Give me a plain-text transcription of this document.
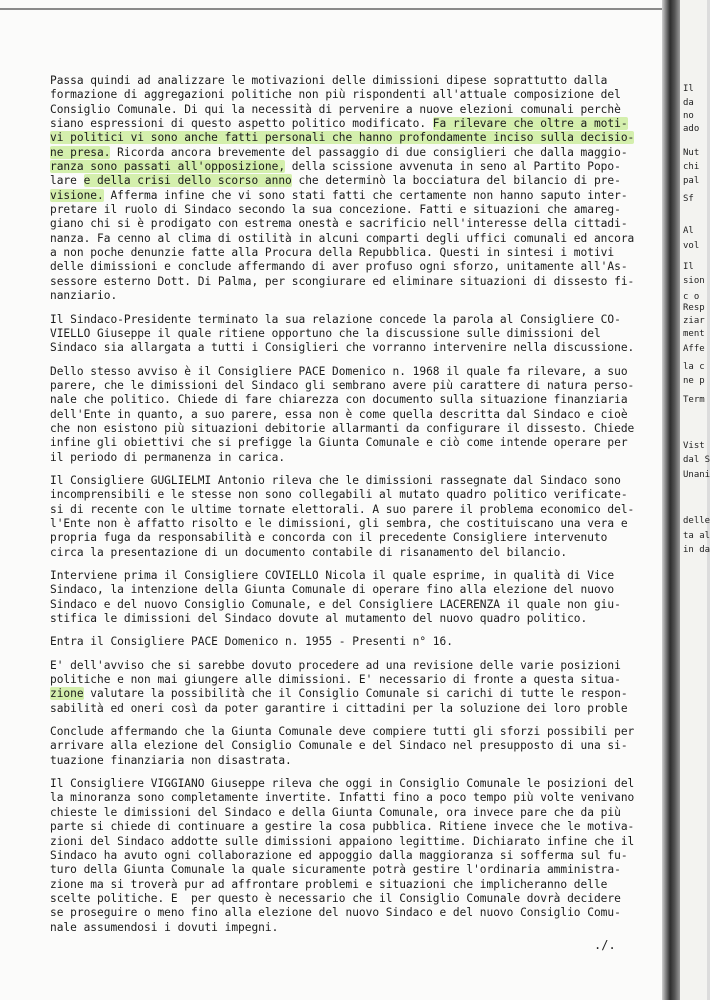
Passa quindi ad analizzare le motivazioni delle dimissioni dipese soprattutto dalla
formazione di aggregazioni politiche non più rispondenti all'attuale composizione del
Consiglio Comunale. Di qui la necessità di pervenire a nuove elezioni comunali perchè
siano espressioni di questo aspetto politico modificato. Fa rilevare che oltre a moti-
vi politici vi sono anche fatti personali che hanno profondamente inciso sulla decisio-
ne presa. Ricorda ancora brevemente del passaggio di due consiglieri che dalla maggio-
ranza sono passati all'opposizione, della scissione avvenuta in seno al Partito Popo-
lare e della crisi dello scorso anno che determinò la bocciatura del bilancio di pre-
visione. Afferma infine che vi sono stati fatti che certamente non hanno saputo inter-
pretare il ruolo di Sindaco secondo la sua concezione. Fatti e situazioni che amareg-
giano chi si è prodigato con estrema onestà e sacrificio nell'interesse della cittadi-
nanza. Fa cenno al clima di ostilità in alcuni comparti degli uffici comunali ed ancora
a non poche denunzie fatte alla Procura della Repubblica. Questi in sintesi i motivi
delle dimissioni e conclude affermando di aver profuso ogni sforzo, unitamente all'As-
sessore esterno Dott. Di Palma, per scongiurare ed eliminare situazioni di dissesto fi-
nanziario.
Il Sindaco-Presidente terminato la sua relazione concede la parola al Consigliere CO-
VIELLO Giuseppe il quale ritiene opportuno che la discussione sulle dimissioni del
Sindaco sia allargata a tutti i Consiglieri che vorranno intervenire nella discussione.
Dello stesso avviso è il Consigliere PACE Domenico n. 1968 il quale fa rilevare, a suo
parere, che le dimissioni del Sindaco gli sembrano avere più carattere di natura perso-
nale che politico. Chiede di fare chiarezza con documento sulla situazione finanziaria
dell'Ente in quanto, a suo parere, essa non è come quella descritta dal Sindaco e cioè
che non esistono più situazioni debitorie allarmanti da configurare il dissesto. Chiede
infine gli obiettivi che si prefigge la Giunta Comunale e ciò come intende operare per
il periodo di permanenza in carica.
Il Consigliere GUGLIELMI Antonio rileva che le dimissioni rassegnate dal Sindaco sono
incomprensibili e le stesse non sono collegabili al mutato quadro politico verificate-
si di recente con le ultime tornate elettorali. A suo parere il problema economico del-
l'Ente non è affatto risolto e le dimissioni, gli sembra, che costituiscano una vera e
propria fuga da responsabilità e concorda con il precedente Consigliere intervenuto
circa la presentazione di un documento contabile di risanamento del bilancio.
Interviene prima il Consigliere COVIELLO Nicola il quale esprime, in qualità di Vice
Sindaco, la intenzione della Giunta Comunale di operare fino alla elezione del nuovo
Sindaco e del nuovo Consiglio Comunale, e del Consigliere LACERENZA il quale non giu-
stifica le dimissioni del Sindaco dovute al mutamento del nuovo quadro politico.
Entra il Consigliere PACE Domenico n. 1955 - Presenti n° 16.
E' dell'avviso che si sarebbe dovuto procedere ad una revisione delle varie posizioni
politiche e non mai giungere alle dimissioni. E' necessario di fronte a questa situa-
zione valutare la possibilità che il Consiglio Comunale si carichi di tutte le respon-
sabilità ed oneri così da poter garantire i cittadini per la soluzione dei loro proble
Conclude affermando che la Giunta Comunale deve compiere tutti gli sforzi possibili per
arrivare alla elezione del Consiglio Comunale e del Sindaco nel presupposto di una si-
tuazione finanziaria non disastrata.
Il Consigliere VIGGIANO Giuseppe rileva che oggi in Consiglio Comunale le posizioni del
la minoranza sono completamente invertite. Infatti fino a poco tempo più volte venivano
chieste le dimissioni del Sindaco e della Giunta Comunale, ora invece pare che da più
parte si chiede di continuare a gestire la cosa pubblica. Ritiene invece che le motiva-
zioni del Sindaco addotte sulle dimissioni appaiono legittime. Dichiarato infine che il
Sindaco ha avuto ogni collaborazione ed appoggio dalla maggioranza si sofferma sul fu-
turo della Giunta Comunale la quale sicuramente potrà gestire l'ordinaria amministra-
zione ma si troverà pur ad affrontare problemi e situazioni che implicheranno delle
scelte politiche. E  per questo è necessario che il Consiglio Comunale dovrà decidere
se proseguire o meno fino alla elezione del nuovo Sindaco e del nuovo Consiglio Comu-
nale assumendosi i dovuti impegni.
./.
Il
da
no
ado
Nut
chi
pal
Sf
Al
vol
Il
sion
c o
Resp
ziar
ment
Affe
la c
ne p
Term
Vist
dal S
Unani
delle
ta al
in da
